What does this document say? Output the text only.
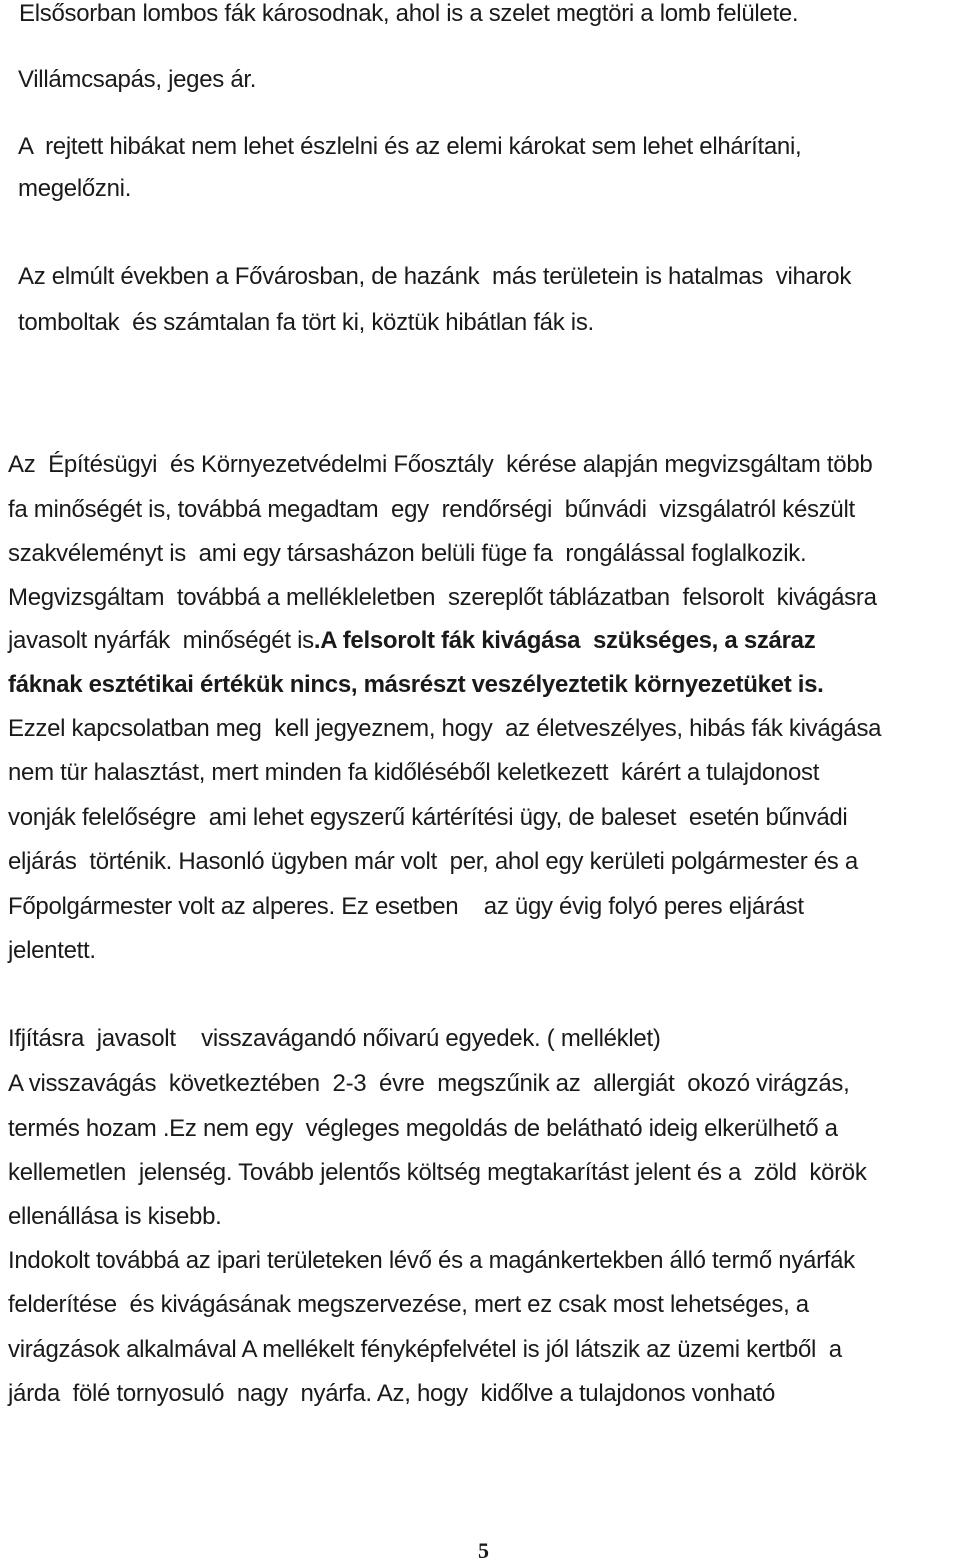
Elsősorban lombos fák károsodnak, ahol is a szelet megtöri a lomb felülete.

Villámcsapás, jeges ár.

A  rejtett hibákat nem lehet észlelni és az elemi károkat sem lehet elhárítani,

megelőzni.

Az elmúlt években a Fővárosban, de hazánk  más területein is hatalmas  viharok

tomboltak  és számtalan fa tört ki, köztük hibátlan fák is.

Az  Építésügyi  és Környezetvédelmi Főosztály  kérése alapján megvizsgáltam több

fa minőségét is, továbbá megadtam  egy  rendőrségi  bűnvádi  vizsgálatról készült

szakvéleményt is  ami egy társasházon belüli füge fa  rongálással foglalkozik.

Megvizsgáltam  továbbá a mellékleletben  szereplőt táblázatban  felsorolt  kivágásra

javasolt nyárfák  minőségét is.A felsorolt fák kivágása  szükséges, a száraz

fáknak esztétikai értékük nincs, másrészt veszélyeztetik környezetüket is.

Ezzel kapcsolatban meg  kell jegyeznem, hogy  az életveszélyes, hibás fák kivágása

nem tür halasztást, mert minden fa kidőléséből keletkezett  kárért a tulajdonost

vonják felelőségre  ami lehet egyszerű kártérítési ügy, de baleset  esetén bűnvádi

eljárás  történik. Hasonló ügyben már volt  per, ahol egy kerületi polgármester és a

Főpolgármester volt az alperes. Ez esetben    az ügy évig folyó peres eljárást

jelentett.

Ifjításra  javasolt    visszavágandó nőivarú egyedek. ( melléklet)

A visszavágás  következtében  2-3  évre  megszűnik az  allergiát  okozó virágzás,

termés hozam .Ez nem egy  végleges megoldás de belátható ideig elkerülhető a

kellemetlen  jelenség. Tovább jelentős költség megtakarítást jelent és a  zöld  körök

ellenállása is kisebb.

Indokolt továbbá az ipari területeken lévő és a magánkertekben álló termő nyárfák

felderítése  és kivágásának megszervezése, mert ez csak most lehetséges, a

virágzások alkalmával A mellékelt fényképfelvétel is jól látszik az üzemi kertből  a

járda  fölé tornyosuló  nagy  nyárfa. Az, hogy  kidőlve a tulajdonos vonható

5
